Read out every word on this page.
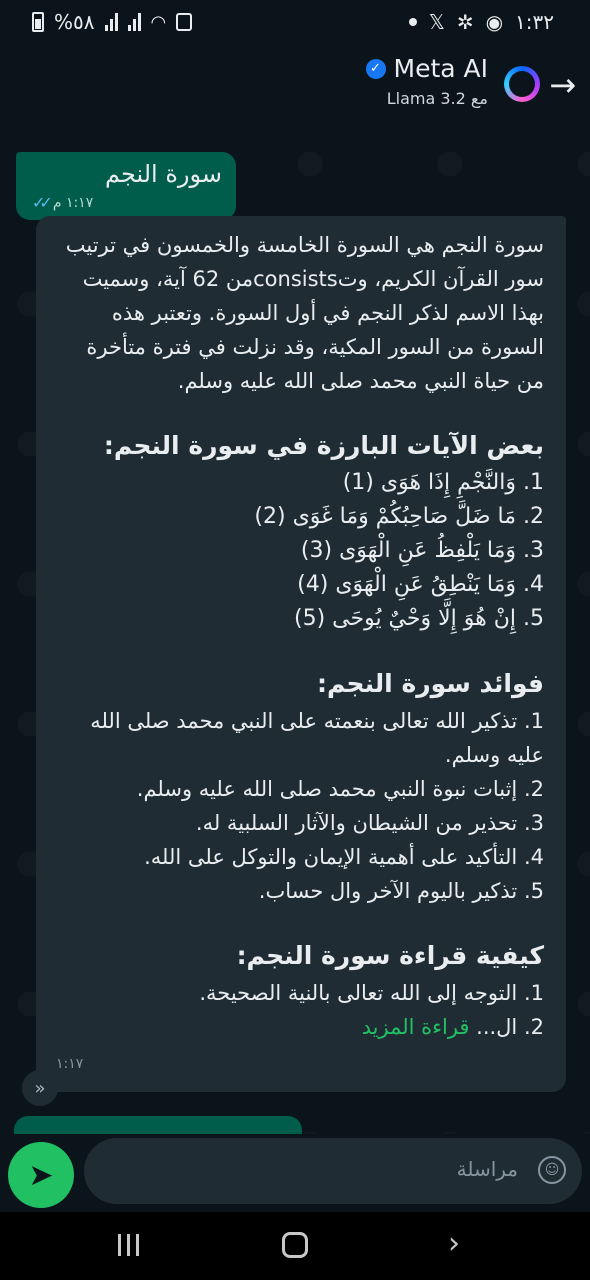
%٥٨	◠	𝕏 ✲ ◉ ١:٣٢
→
✓ Meta AI
مع Llama 3.2
سورة النجم
✓✓ ١:١٧ م

سورة النجم هي السورة الخامسة والخمسون في ترتيب سور القرآن الكريم، وتconsistsمن 62 آية، وسميت بهذا الاسم لذكر النجم في أول السورة. وتعتبر هذه السورة من السور المكية، وقد نزلت في فترة متأخرة من حياة النبي محمد صلى الله عليه وسلم.

بعض الآيات البارزة في سورة النجم:
1. وَالنَّجْمِ إِذَا هَوَى (1)
2. مَا ضَلَّ صَاحِبُكُمْ وَمَا غَوَى (2)
3. وَمَا يَلْفِظُ عَنِ الْهَوَى (3)
4. وَمَا يَنْطِقُ عَنِ الْهَوَى (4)
5. إِنْ هُوَ إِلَّا وَحْيٌ يُوحَى (5)
فوائد سورة النجم:
1. تذكير الله تعالى بنعمته على النبي محمد صلى الله عليه وسلم.
2. إثبات نبوة النبي محمد صلى الله عليه وسلم.
3. تحذير من الشيطان والآثار السلبية له.
4. التأكيد على أهمية الإيمان والتوكل على الله.
5. تذكير باليوم الآخر وال حساب.
كيفية قراءة سورة النجم:
1. التوجه إلى الله تعالى بالنية الصحيحة.
2. ال... قراءة المزيد
١:١٧
»
➤	مراسلة	☺
›
